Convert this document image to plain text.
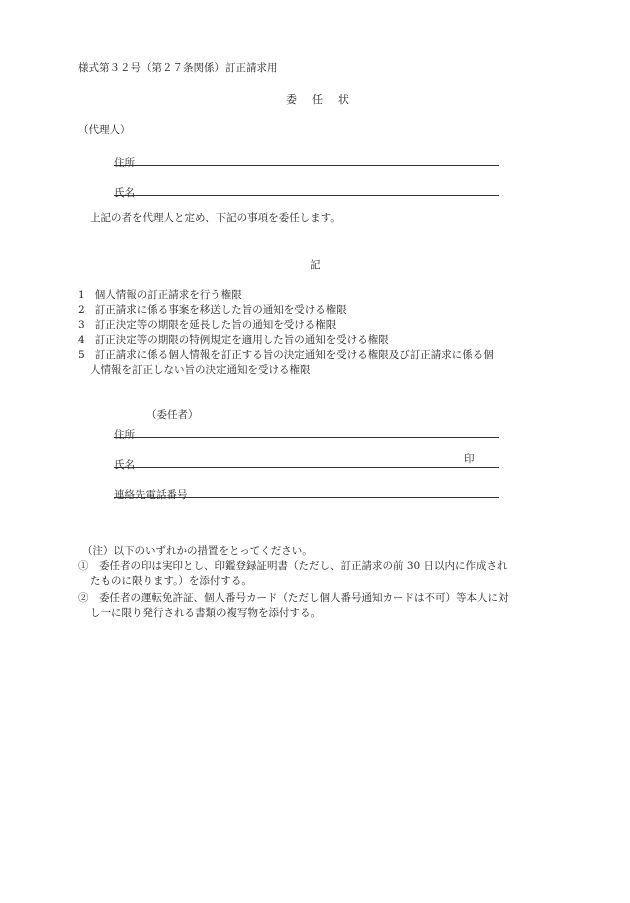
様式第３２号（第２７条関係）訂正請求用
委　任　状
（代理人）
住所
氏名
上記の者を代理人と定め、下記の事項を委任します。
記
1 個人情報の訂正請求を行う権限
2 訂正請求に係る事案を移送した旨の通知を受ける権限
3 訂正決定等の期限を延長した旨の通知を受ける権限
4 訂正決定等の期限の特例規定を適用した旨の通知を受ける権限
5 訂正請求に係る個人情報を訂正する旨の決定通知を受ける権限及び訂正請求に係る個
人情報を訂正しない旨の決定通知を受ける権限
（委任者）
住所
氏名	印
連絡先電話番号
（注）以下のいずれかの措置をとってください。
①　委任者の印は実印とし、印鑑登録証明書（ただし、訂正請求の前 30 日以内に作成され
たものに限ります。）を添付する。
②　委任者の運転免許証、個人番号カード（ただし個人番号通知カードは不可）等本人に対
し一に限り発行される書類の複写物を添付する。
